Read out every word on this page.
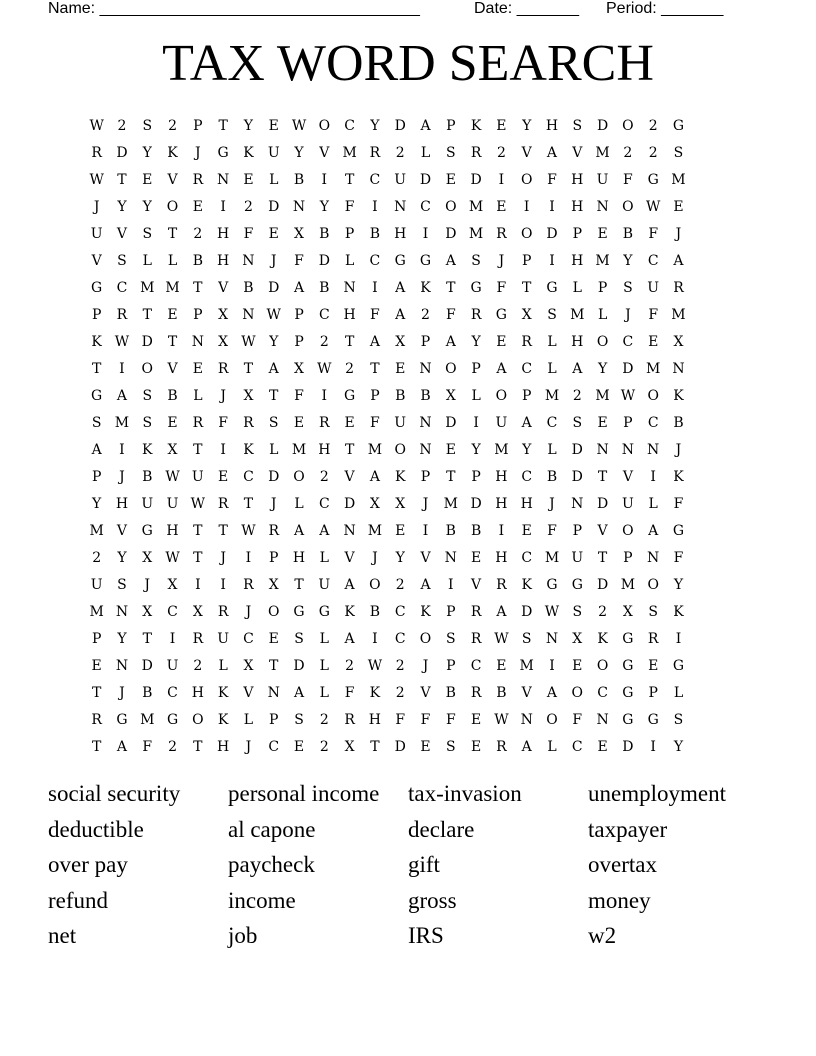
Name: ____________________________________	Date: _______ Period: _______
TAX WORD SEARCH
W 2	S	2	P	T	Y	E W O	C	Y	D	A	P	K	E	Y	H	S	D O	2	G
R	D	Y	K	J	G	K	U	Y	V M R	2	L	S	R	2	V	A	V M 2	2	S
W T	E	V	R N	E	L	B	I	T	C	U D	E	D	I	O	F	H U	F	G M
J	Y	Y	O	E	I	2	D N	Y	F	I	N C	O M E	I	I	H N O W E
U	V	S	T	2	H	F	E	X	B	P	B	H	I	D M R	O D	P	E	B	F	J
V	S	L	L	B	H N	J	F	D	L	C	G	G	A	S	J	P	I	H M Y	C	A
G	C M M T	V	B	D	A	B	N	I	A	K	T	G	F	T	G	L	P	S	U	R
P	R	T	E	P	X	N W P	C H	F	A	2	F	R	G	X	S M L	J	F M
K W D	T	N	X W Y	P	2	T	A	X	P	A	Y	E	R	L	H O	C	E	X
T	I	O	V	E	R	T	A	X W 2	T	E	N O	P	A	C	L	A	Y	D M N
G	A	S	B	L	J	X	T	F	I	G	P	B	B	X	L	O	P M 2 M W O	K
S M S	E	R	F	R	S	E	R	E	F	U N D	I	U	A	C	S	E	P	C	B
A	I	K	X	T	I	K	L M H	T M O N	E	Y M Y	L	D N N N	J
P	J	B W U	E	C	D O	2	V	A	K	P	T	P	H C	B	D	T	V	I	K
Y	H U U W R	T	J	L	C	D	X	X	J	M D H H	J	N D U	L	F
M V	G H	T	T W R	A	A	N M E	I	B	B	I	E	F	P	V	O	A	G
2	Y	X W T	J	I	P	H	L	V	J	Y	V	N	E	H C M U	T	P	N	F
U	S	J	X	I	I	R	X	T	U	A	O	2	A	I	V	R	K	G	G	D M O	Y
M N	X	C	X	R	J	O G	G	K	B	C	K	P	R	A	D W S	2	X	S	K
P	Y	T	I	R	U	C	E	S	L	A	I	C	O	S	R W S	N	X	K	G	R	I
E	N D U	2	L	X	T	D	L	2 W 2	J	P	C	E M	I	E	O G	E	G
T	J	B	C H K	V	N	A	L	F	K	2	V	B	R	B	V	A	O	C	G	P	L
R	G M G O	K	L	P	S	2	R H	F	F	F	E W N O	F	N G	G	S
T	A	F	2	T	H	J	C	E	2	X	T	D	E	S	E	R	A	L	C	E	D	I	Y
social security	personal income	tax-invasion	unemployment
deductible	al capone	declare	taxpayer
over pay	paycheck	gift	overtax
refund	income	gross	money
net	job	IRS	w2
